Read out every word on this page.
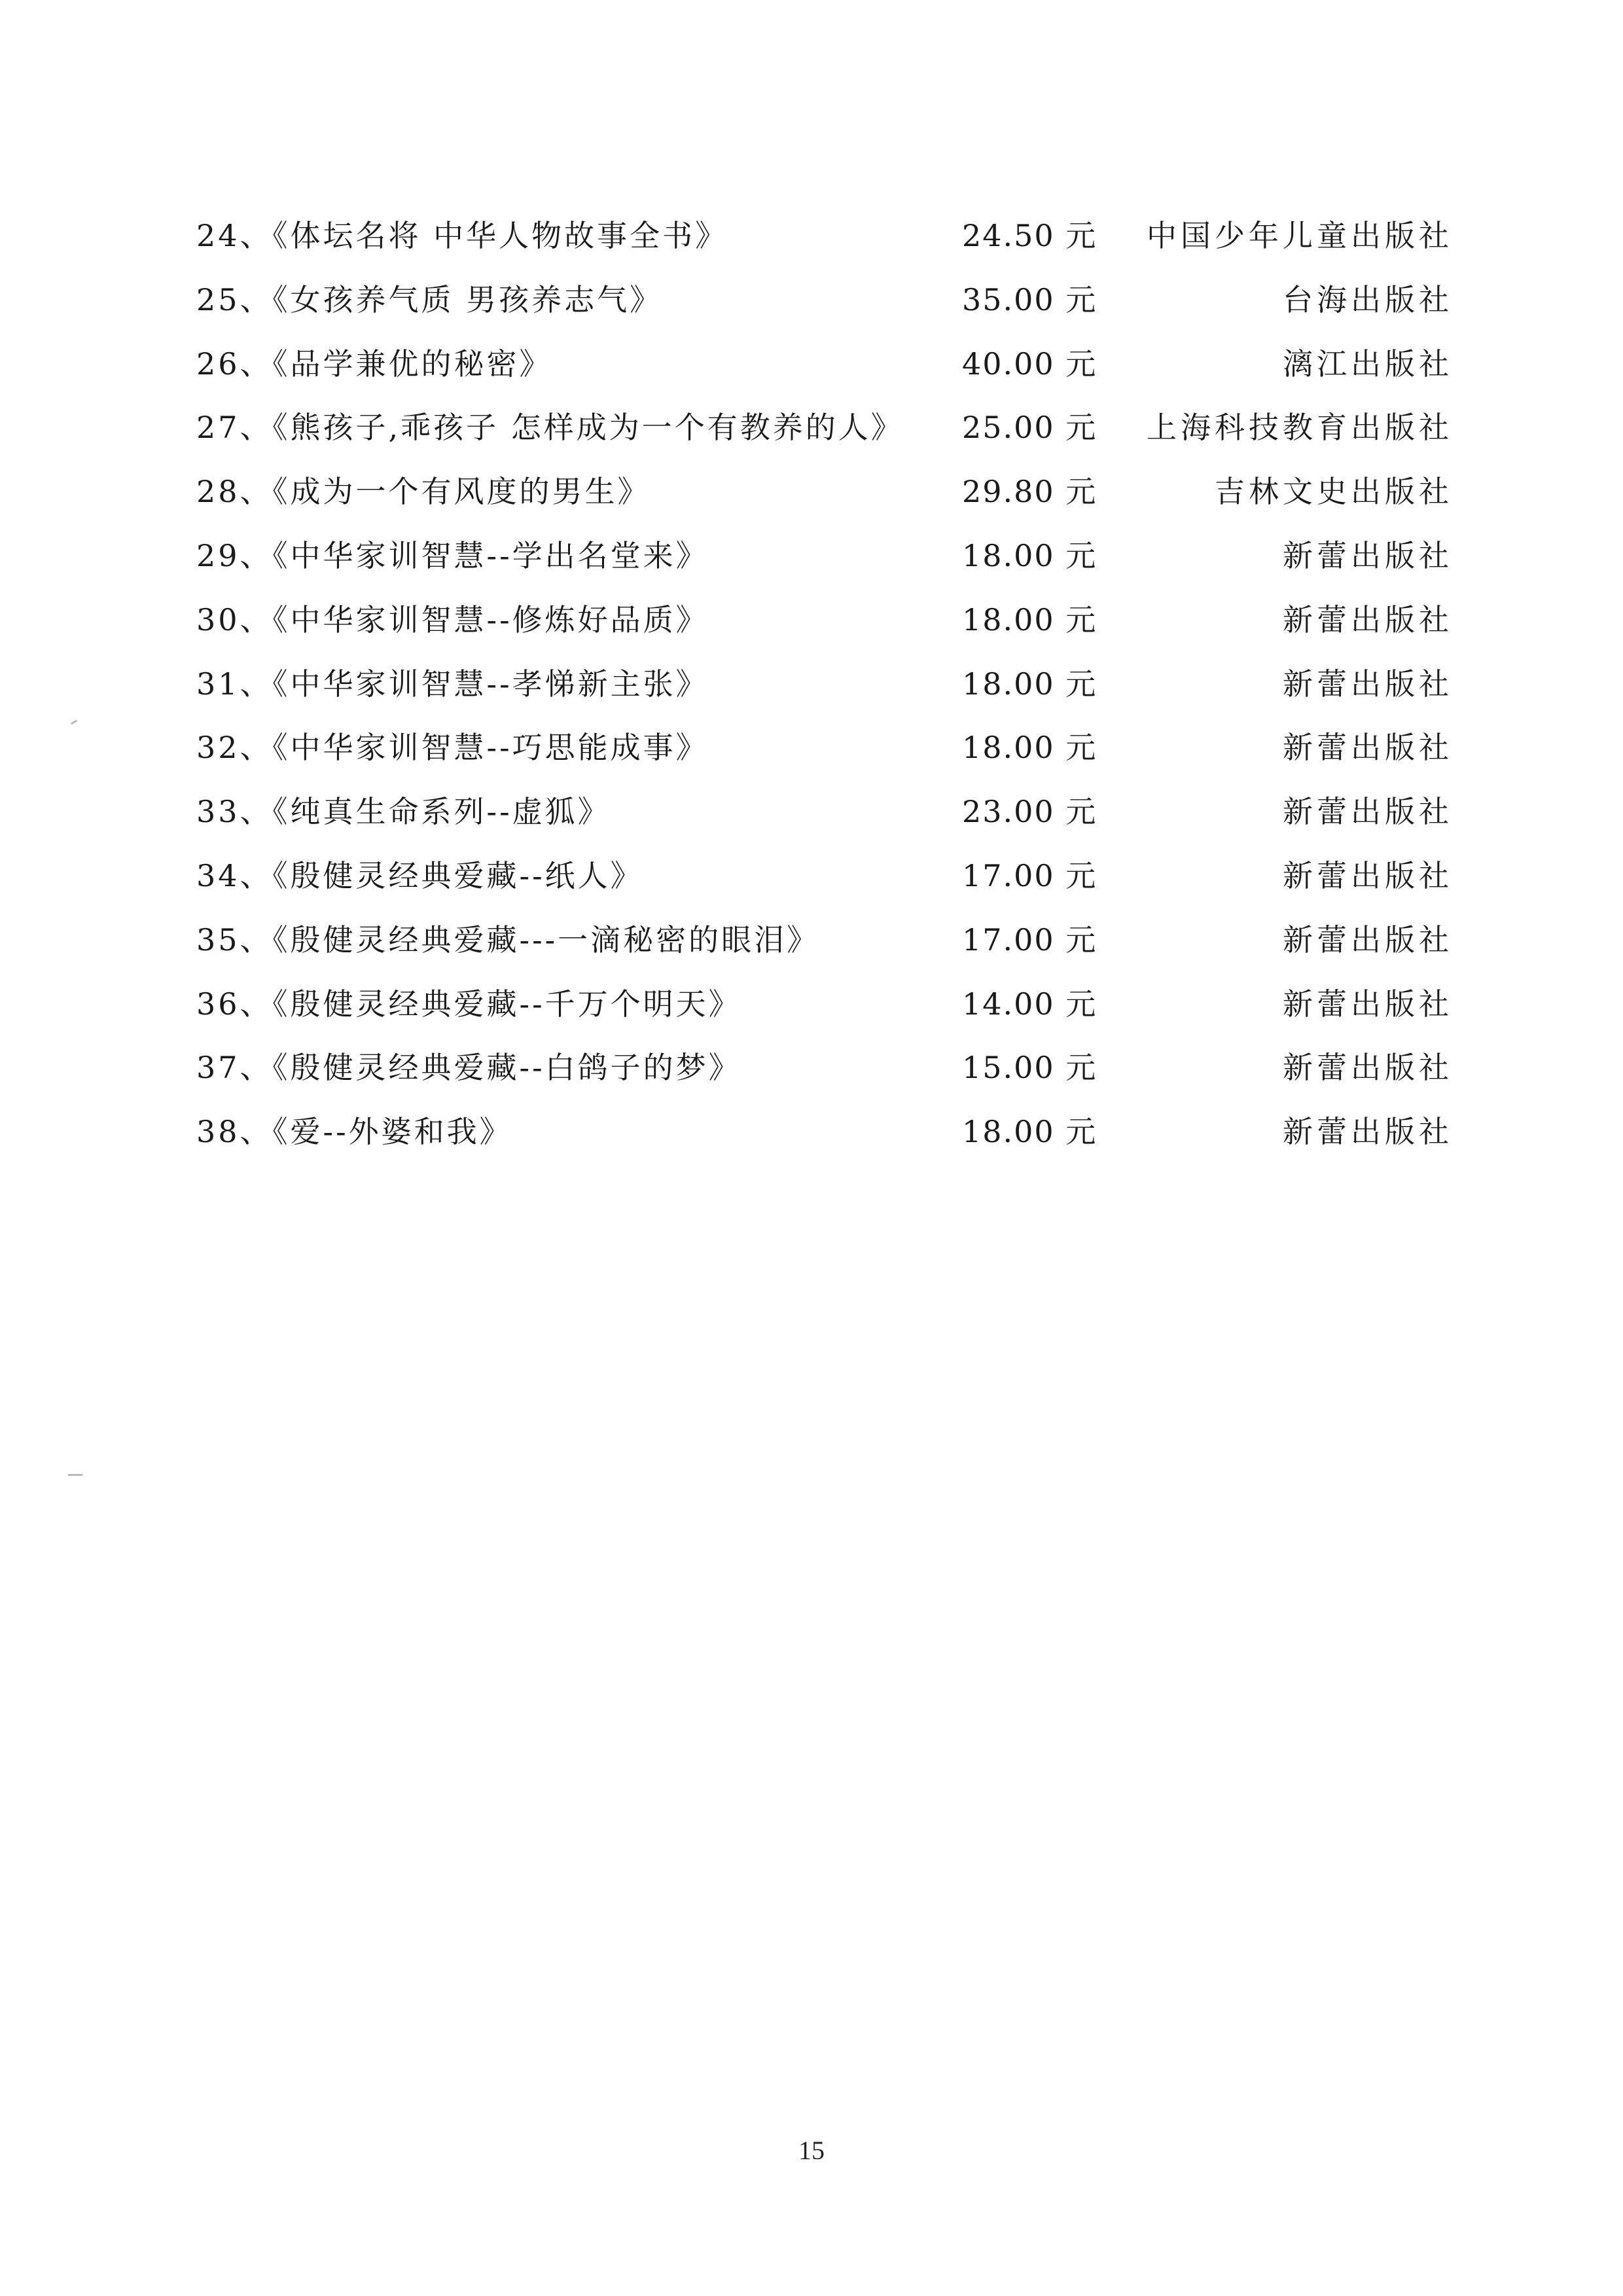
24、《体坛名将 中华人物故事全书》	24.50 元 中国少年儿童出版社
25、《女孩养气质 男孩养志气》	35.00 元	台海出版社
26、《品学兼优的秘密》	40.00 元	漓江出版社
27、《熊孩子,乖孩子 怎样成为一个有教养的人》 25.00 元 上海科技教育出版社
28、《成为一个有风度的男生》	29.80 元	吉林文史出版社
29、《中华家训智慧--学出名堂来》	18.00 元	新蕾出版社
30、《中华家训智慧--修炼好品质》	18.00 元	新蕾出版社
31、《中华家训智慧--孝悌新主张》	18.00 元	新蕾出版社
32、《中华家训智慧--巧思能成事》	18.00 元	新蕾出版社
33、《纯真生命系列--虚狐》	23.00 元	新蕾出版社
34、《殷健灵经典爱藏--纸人》	17.00 元	新蕾出版社
35、《殷健灵经典爱藏---一滴秘密的眼泪》	17.00 元	新蕾出版社
36、《殷健灵经典爱藏--千万个明天》	14.00 元	新蕾出版社
37、《殷健灵经典爱藏--白鸽子的梦》	15.00 元	新蕾出版社
38、《爱--外婆和我》	18.00 元	新蕾出版社
15
